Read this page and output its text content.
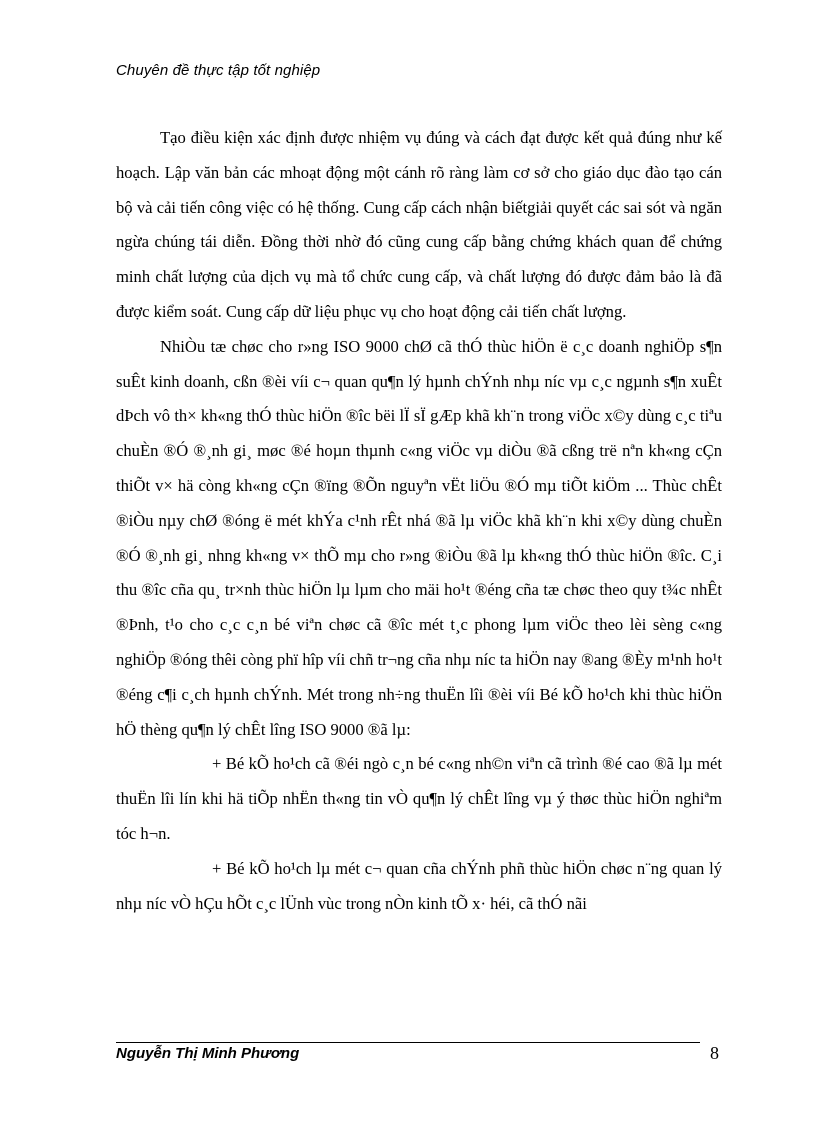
Chuyên đề thực tập tốt nghiệp

Tạo điều kiện xác định được nhiệm vụ đúng và cách đạt được kết quả đúng như kế hoạch. Lập văn bản các mhoạt động một cánh rõ ràng làm cơ sở cho giáo dục đào tạo cán bộ và cải tiến công việc có hệ thống. Cung cấp cách nhận biếtgiải quyết các sai sót và ngăn ngừa chúng tái diễn. Đồng thời nhờ đó cũng cung cấp bằng chứng khách quan để chứng minh chất lượng của dịch vụ mà tổ chức cung cấp, và chất lượng đó được đảm bảo là đã được kiểm soát. Cung cấp dữ liệu phục vụ cho hoạt động cải tiến chất lượng.

NhiÒu tæ chøc cho r»ng ISO 9000 chØ cã thÓ thùc hiÖn ë c¸c doanh nghiÖp s¶n suÊt kinh doanh, cßn ®èi víi c¬ quan qu¶n lý hµnh chÝnh nhµ níc vµ c¸c ngµnh s¶n xuÊt dÞch vô th× kh«ng thÓ thùc hiÖn ®îc bëi lÏ sÏ gÆp khã kh¨n trong viÖc x©y dùng c¸c tiªu chuÈn ®Ó ®¸nh gi¸ møc ®é hoµn thµnh c«ng viÖc vµ diÒu ®ã cßng trë nªn kh«ng cÇn thiÕt v× hä còng kh«ng cÇn ®ïng ®Õn nguyªn vËt liÖu ®Ó mµ tiÕt kiÖm ... Thùc chÊt ®iÒu nµy chØ ®óng ë mét khÝa c¹nh rÊt nhá ®ã lµ viÖc khã kh¨n khi x©y dùng chuÈn ®Ó ®¸nh gi¸ nhng kh«ng v× thÕ mµ cho r»ng ®iÒu ®ã lµ kh«ng thÓ thùc hiÖn ®îc. C¸i thu ®îc cña qu¸ tr×nh thùc hiÖn lµ lµm cho mäi ho¹t ®éng cña tæ chøc theo quy t¾c nhÊt ®Þnh, t¹o cho c¸c c¸n bé viªn chøc cã ®îc mét t¸c phong lµm viÖc theo lèi sèng c«ng nghiÖp ®óng thêi còng phï hîp víi chñ tr¬ng cña nhµ níc ta hiÖn nay ®ang ®Èy m¹nh ho¹t ®éng c¶i c¸ch hµnh chÝnh. Mét trong nh÷ng thuËn lîi ®èi víi Bé kÕ ho¹ch khi thùc hiÖn hÖ thèng qu¶n lý chÊt lîng ISO 9000 ®ã lµ:

+ Bé kÕ ho¹ch cã ®éi ngò c¸n bé c«ng nh©n viªn cã trình ®é cao ®ã lµ mét thuËn lîi lín khi hä tiÕp nhËn th«ng tin vÒ qu¶n lý chÊt lîng vµ ý thøc thùc hiÖn nghiªm tóc h¬n.

+ Bé kÕ ho¹ch lµ mét c¬ quan cña chÝnh phñ thùc hiÖn chøc n¨ng quan lý nhµ níc vÒ hÇu hÕt c¸c lÜnh vùc trong nÒn kinh tÕ x· héi, cã thÓ nãi

Nguyễn Thị Minh Phương	8
